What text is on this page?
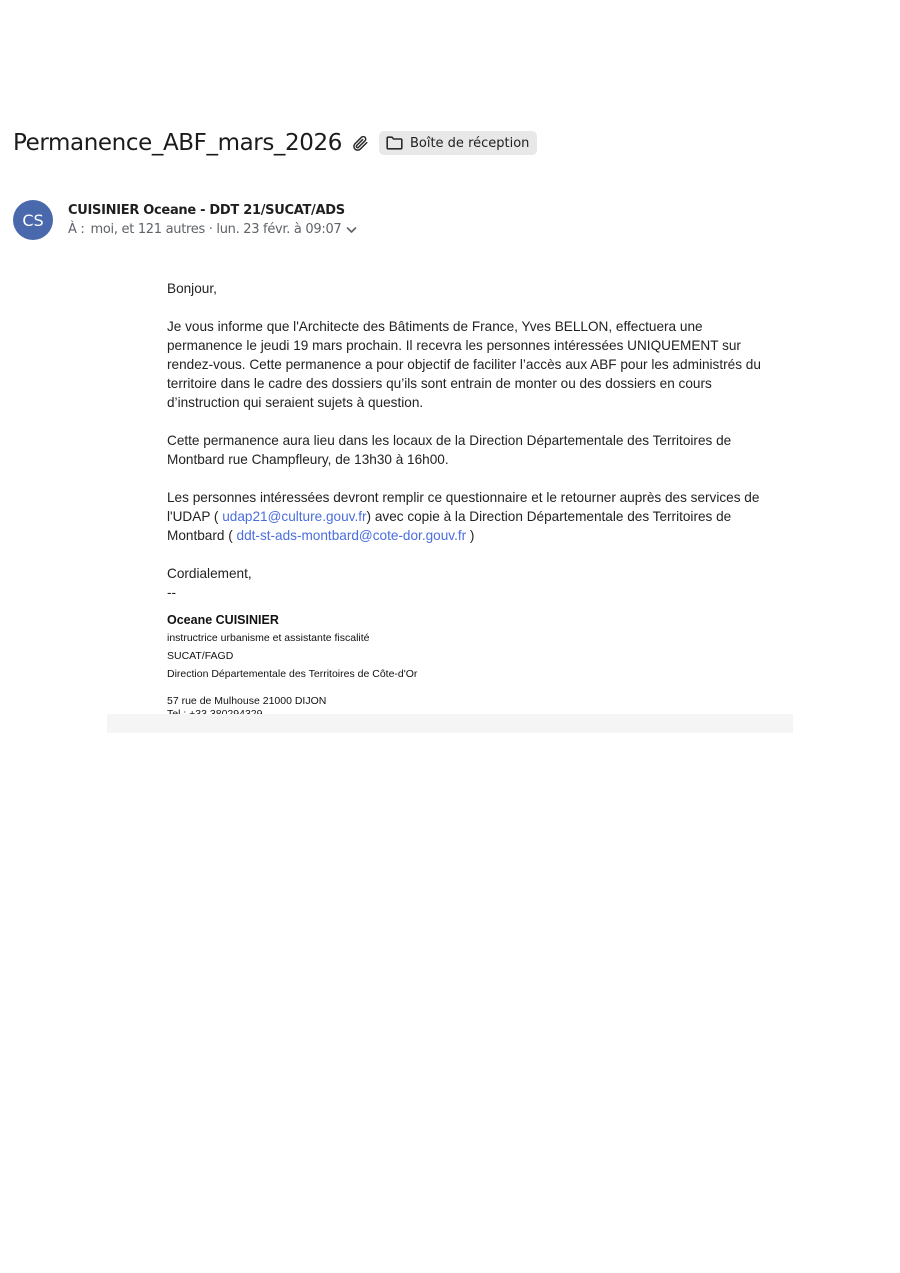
Permanence_ABF_mars_2026	Boîte de réception
CS	CUISINIER Oceane - DDT 21/SUCAT/ADS
À : moi, et 121 autres · lun. 23 févr. à 09:07

Bonjour,

Je vous informe que l'Architecte des Bâtiments de France, Yves BELLON, effectuera une permanence le jeudi 19 mars prochain. Il recevra les personnes intéressées UNIQUEMENT sur rendez-vous. Cette permanence a pour objectif de faciliter l’accès aux ABF pour les administrés du territoire dans le cadre des dossiers qu’ils sont entrain de monter ou des dossiers en cours d’instruction qui seraient sujets à question.

Cette permanence aura lieu dans les locaux de la Direction Départementale des Territoires de Montbard rue Champfleury, de 13h30 à 16h00.

Les personnes intéressées devront remplir ce questionnaire et le retourner auprès des services de l'UDAP ( udap21@culture.gouv.fr) avec copie à la Direction Départementale des Territoires de Montbard ( ddt-st-ads-montbard@cote-dor.gouv.fr )

Cordialement,

--

Oceane CUISINIER
instructrice urbanisme et assistante fiscalité
SUCAT/FAGD
Direction Départementale des Territoires de Côte-d'Or
57 rue de Mulhouse 21000 DIJON
